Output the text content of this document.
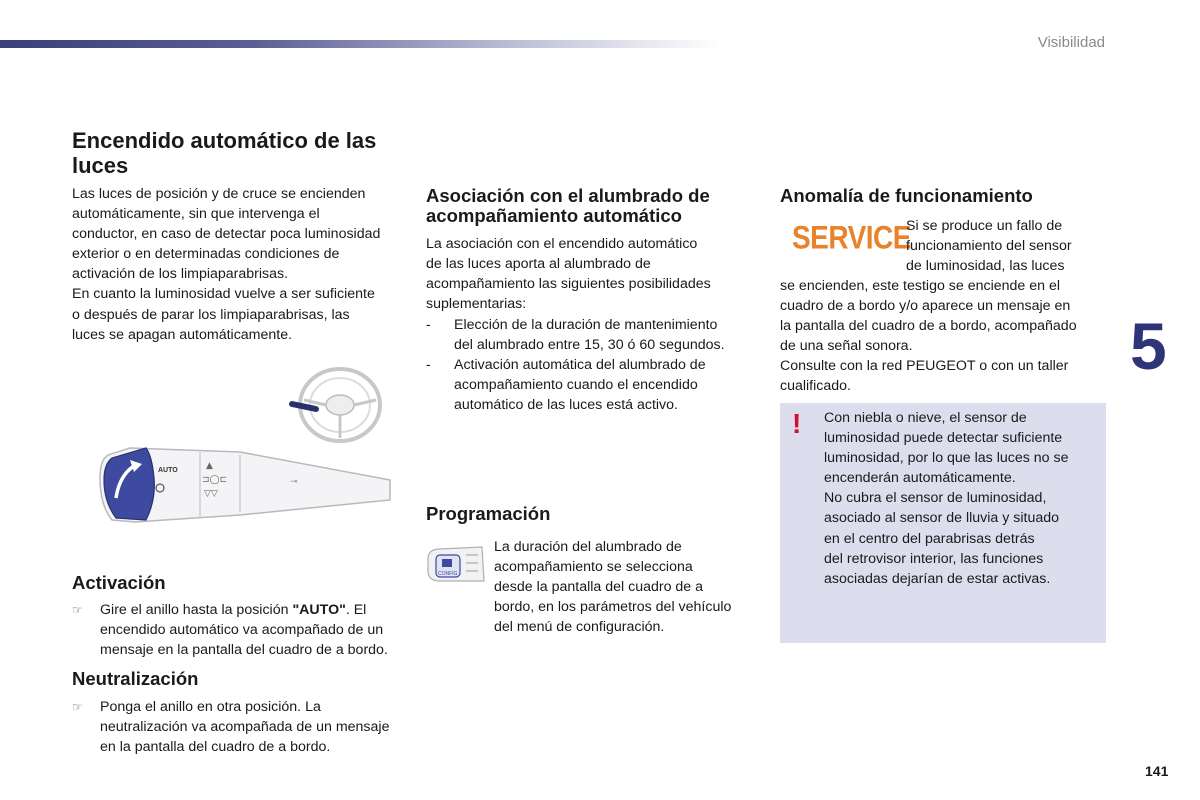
Visibilidad
Encendido automático de las luces
Las luces de posición y de cruce se encienden
automáticamente, sin que intervenga el
conductor, en caso de detectar poca luminosidad
exterior o en determinadas condiciones de
activación de los limpiaparabrisas.
En cuanto la luminosidad vuelve a ser suficiente
o después de parar los limpiaparabrisas, las
luces se apagan automáticamente.
AUTO	▲
⊐◯⊏
▽▽
⊸
Activación
☞ Gire el anillo hasta la posición "AUTO". El
encendido automático va acompañado de un
mensaje en la pantalla del cuadro de a bordo.
Neutralización
☞ Ponga el anillo en otra posición. La
neutralización va acompañada de un mensaje
en la pantalla del cuadro de a bordo.
Asociación con el alumbrado de
acompañamiento automático
La asociación con el encendido automático
de las luces aporta al alumbrado de
acompañamiento las siguientes posibilidades
suplementarias:
- Elección de la duración de mantenimiento
del alumbrado entre 15, 30 ó 60 segundos.
- Activación automática del alumbrado de
acompañamiento cuando el encendido
automático de las luces está activo.
Programación
CONFIG
La duración del alumbrado de
acompañamiento se selecciona
desde la pantalla del cuadro de a
bordo, en los parámetros del vehículo
del menú de configuración.
Anomalía de funcionamiento
SERVICE
Si se produce un fallo de
funcionamiento del sensor
de luminosidad, las luces
se encienden, este testigo se enciende en el
cuadro de a bordo y/o aparece un mensaje en
la pantalla del cuadro de a bordo, acompañado
de una señal sonora.
Consulte con la red PEUGEOT o con un taller
cualificado.
! Con niebla o nieve, el sensor de
luminosidad puede detectar suficiente
luminosidad, por lo que las luces no se
encenderán automáticamente.
No cubra el sensor de luminosidad,
asociado al sensor de lluvia y situado
en el centro del parabrisas detrás
del retrovisor interior, las funciones
asociadas dejarían de estar activas.
5
141
